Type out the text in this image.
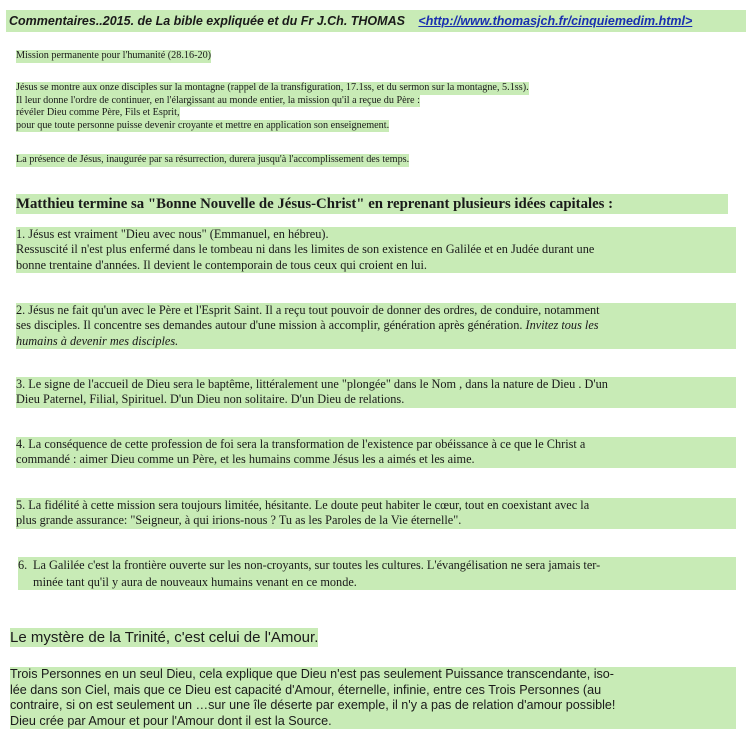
Commentaires..2015. de La bible expliquée et du Fr J.Ch. THOMAS <http://www.thomasjch.fr/cinquiemedim.html>
Mission permanente pour l'humanité (28.16-20)
Jésus se montre aux onze disciples sur la montagne (rappel de la transfiguration, 17.1ss, et du sermon sur la montagne, 5.1ss).
Il leur donne l'ordre de continuer, en l'élargissant au monde entier, la mission qu'il a reçue du Père :
révéler Dieu comme Père, Fils et Esprit,
pour que toute personne puisse devenir croyante et mettre en application son enseignement.
La présence de Jésus, inaugurée par sa résurrection, durera jusqu'à l'accomplissement des temps.
Matthieu termine sa "Bonne Nouvelle de Jésus-Christ" en reprenant plusieurs idées capitales :
1. Jésus est vraiment "Dieu avec nous" (Emmanuel, en hébreu).
Ressuscité il n'est plus enfermé dans le tombeau ni dans les limites de son existence en Galilée et en Judée durant une
bonne trentaine d'années. Il devient le contemporain de tous ceux qui croient en lui.
2. Jésus ne fait qu'un avec le Père et l'Esprit Saint. Il a reçu tout pouvoir de donner des ordres, de conduire, notamment
ses disciples. Il concentre ses demandes autour d'une mission à accomplir, génération après génération. Invitez tous les
humains à devenir mes disciples.
3. Le signe de l'accueil de Dieu sera le baptême, littéralement une "plongée" dans le Nom , dans la nature de Dieu . D'un
Dieu Paternel, Filial, Spirituel. D'un Dieu non solitaire. D'un Dieu de relations.
4. La conséquence de cette profession de foi sera la transformation de l'existence par obéissance à ce que le Christ a
commandé : aimer Dieu comme un Père, et les humains comme Jésus les a aimés et les aime.
5. La fidélité à cette mission sera toujours limitée, hésitante. Le doute peut habiter le cœur, tout en coexistant avec la
plus grande assurance: "Seigneur, à qui irions-nous ? Tu as les Paroles de la Vie éternelle".
6. La Galilée c'est la frontière ouverte sur les non-croyants, sur toutes les cultures. L'évangélisation ne sera jamais ter-
minée tant qu'il y aura de nouveaux humains venant en ce monde.
Le mystère de la Trinité, c'est celui de l'Amour.
Trois Personnes en un seul Dieu, cela explique que Dieu n'est pas seulement Puissance transcendante, iso-
lée dans son Ciel, mais que ce Dieu est capacité d'Amour, éternelle, infinie, entre ces Trois Personnes (au
contraire, si on est seulement un …sur une île déserte par exemple, il n'y a pas de relation d'amour possible!
Dieu crée par Amour et pour l'Amour dont il est la Source.
